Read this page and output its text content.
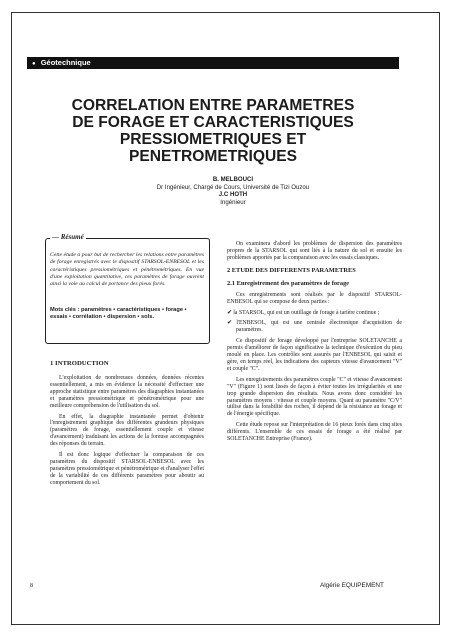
● Géotechnique
CORRELATION ENTRE PARAMETRES
DE FORAGE ET CARACTERISTIQUES
PRESSIOMETRIQUES ET
PENETROMETRIQUES
B. MELBOUCI
Dr Ingénieur, Chargé de Cours, Université de Tizi Ouzou
J.C HOTH
Ingénieur
— Résumé
Cette étude a pour but de rechercher les relations entre paramètres de forage enregistrés avec le dispositif STARSOL-ENBESOL et les caractéristiques pressiométriques et pénétrométriques. En vue d'une exploitation quantitative, ces paramètres de forage ouvrent ainsi la voie au calcul de portance des pieux forés.
Mots clés : paramètres • caractéristiques • forage • essais • corrélation • dispersion • sols.
1 INTRODUCTION

L'exploitation de nombreuses données, données récentes essentiellement, a mis en évidence la nécessité d'effectuer une approche statistique entre paramètres des diagraphies instantanées et paramètres pressiométrique et pénétrométrique pour une meilleure compréhension de l'utilisation du sol.

En effet, la diagraphie instantanée permet d'obtenir l'enregistrement graphique des différentes grandeurs physiques (paramètres de forage, essentiellement couple et vitesse d'avancement) traduisant les actions de la foreuse accompagnées des réponses du terrain.

Il est donc logique d'effectuer la comparaison de ces paramètres du dispositif STARSOL-ENBESOL avec les paramètres pressiométrique et pénétrométrique et d'analyser l'effet de la variabilité de ces différents paramètres pour aboutir au comportement du sol.

On examinera d'abord les problèmes de dispersion des paramètres propres de la STARSOL qui sont liés à la nature du sol et ensuite les problèmes apportés par la comparaison avec les essais classiques.

2 ETUDE DES DIFFERENTS PARAMETRES
2.1 Enregistrement des paramètres de forage

Ces enregistrements sont réalisés par le dispositif STARSOL-ENBESOL qui se compose de deux parties :

✔ la STARSOL, qui est un outillage de forage à tarière continue ;

✔ l'ENBESOL, qui est une centrale électronique d'acquisition de paramètres.

Ce dispositif de forage développé par l'entreprise SOLETANCHE a permis d'améliorer de façon significative la technique d'exécution du pieu moulé en place. Les contrôles sont assurés par l'ENBESOL qui saisit et gère, en temps réel, les indications des capteurs vitesse d'avancement "V" et couple "C".

Les enregistrements des paramètres couple "C" et vitesse d'avancement "V" (Figure 1) sont lissés de façon à éviter toutes les irrégularités et une trop grande dispersion des résultats. Nous avons donc considéré les paramètres moyens : vitesse et couple moyens. Quant au paramètre "C/V" utilisé dans la forabilité des roches, il dépend de la résistance au forage et de l'énergie spécifique.

Cette étude repose sur l'interprétation de 16 pieux forés dans cinq sites différents. L'ensemble de ces essais de forage a été réalisé par SOLETANCHE Entreprise (France).

8	Algérie EQUIPEMENT
